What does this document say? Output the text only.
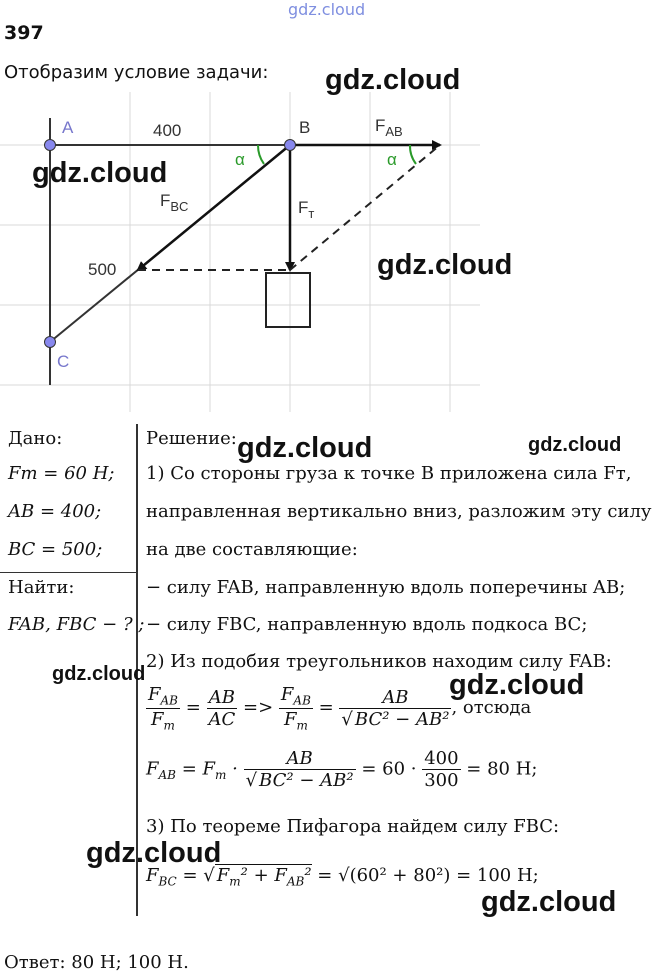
gdz.cloud
397
Отобразим условие задачи:
A	B
C
400
500
$F_{AB}$
$F_{BC}$	$F_т$
α	α
Дано:
Fт = 60 Н;
AB = 400;
BC = 500;
Найти:
FAB, FBC − ? ;
Решение:
1) Со стороны груза к точке B приложена сила Fт,
направленная вертикально вниз, разложим эту силу
на две составляющие:
− силу FAB, направленную вдоль поперечины AB;
− силу FBC, направленную вдоль подкоса BC;
2) Из подобия треугольников находим силу FAB:
$\frac{F_{AB}}{F_т} = \frac{AB}{AC} => \frac{F_{AB}}{F_т} = \frac{AB}{\text{√ BC² − AB²}}$ , отсюда
$F_{AB} = F_т \cdot \frac{AB}{\text{√ BC² − AB²}} = 60 \cdot \frac{400}{300} = 80$ Н;
3) По теореме Пифагора найдем силу FBC:
$F_{BC}$ = √ $F_т^2 + F_{AB}^2 = √(60^2 + 80^2) = 100$ Н;
Ответ: 80 Н; 100 Н.
gdz.cloud
gdz.cloud
gdz.cloud
gdz.cloud	gdz.cloud
gdz.cloud	gdz.cloud
gdz.cloud
gdz.cloud
